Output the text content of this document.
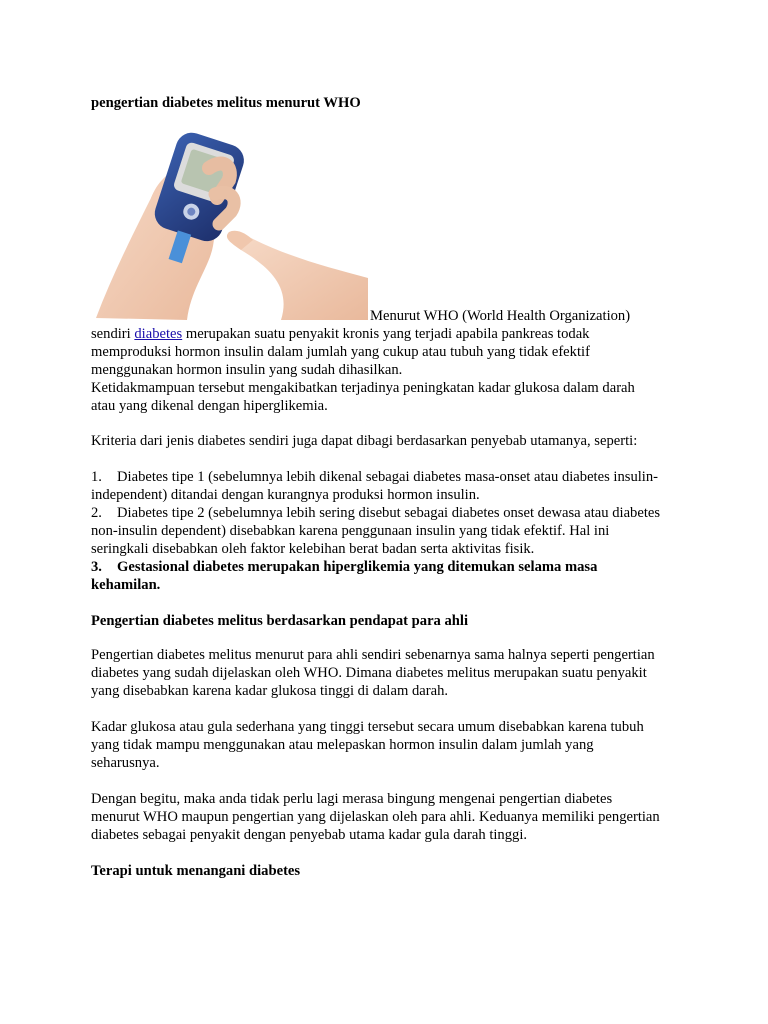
pengertian diabetes melitus menurut WHO

Menurut WHO (World Health Organization)

sendiri diabetes merupakan suatu penyakit kronis yang terjadi apabila pankreas todak

memproduksi hormon insulin dalam jumlah yang cukup atau tubuh yang tidak efektif

menggunakan hormon insulin yang sudah dihasilkan.

Ketidakmampuan tersebut mengakibatkan terjadinya peningkatan kadar glukosa dalam darah

atau yang dikenal dengan hiperglikemia.

Kriteria dari jenis diabetes sendiri juga dapat dibagi berdasarkan penyebab utamanya, seperti:

1. Diabetes tipe 1 (sebelumnya lebih dikenal sebagai diabetes masa-onset atau diabetes insulin-

independent) ditandai dengan kurangnya produksi hormon insulin.

2. Diabetes tipe 2 (sebelumnya lebih sering disebut sebagai diabetes onset dewasa atau diabetes

non-insulin dependent) disebabkan karena penggunaan insulin yang tidak efektif. Hal ini

seringkali disebabkan oleh faktor kelebihan berat badan serta aktivitas fisik.

3. Gestasional diabetes merupakan hiperglikemia yang ditemukan selama masa

kehamilan.

Pengertian diabetes melitus berdasarkan pendapat para ahli

Pengertian diabetes melitus menurut para ahli sendiri sebenarnya sama halnya seperti pengertian

diabetes yang sudah dijelaskan oleh WHO. Dimana diabetes melitus merupakan suatu penyakit

yang disebabkan karena kadar glukosa tinggi di dalam darah.

Kadar glukosa atau gula sederhana yang tinggi tersebut secara umum disebabkan karena tubuh

yang tidak mampu menggunakan atau melepaskan hormon insulin dalam jumlah yang

seharusnya.

Dengan begitu, maka anda tidak perlu lagi merasa bingung mengenai pengertian diabetes

menurut WHO maupun pengertian yang dijelaskan oleh para ahli. Keduanya memiliki pengertian

diabetes sebagai penyakit dengan penyebab utama kadar gula darah tinggi.

Terapi untuk menangani diabetes
